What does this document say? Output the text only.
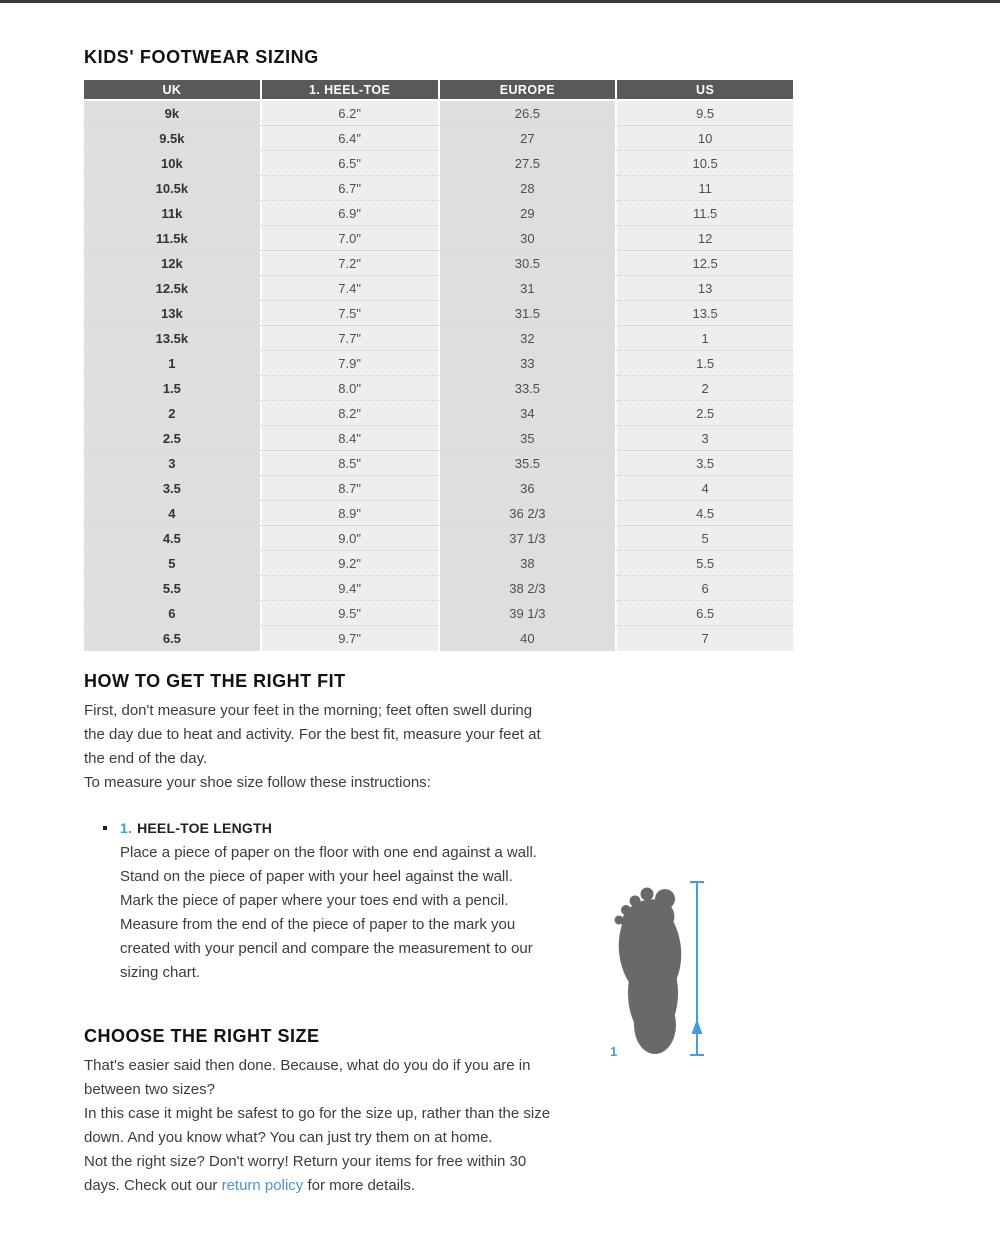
KIDS' FOOTWEAR SIZING
UK	1. HEEL-TOE	EUROPE	US
9k	6.2"	26.5	9.5
9.5k	6.4"	27	10
10k	6.5"	27.5	10.5
10.5k	6.7"	28	11
11k	6.9"	29	11.5
11.5k	7.0"	30	12
12k	7.2"	30.5	12.5
12.5k	7.4"	31	13
13k	7.5"	31.5	13.5
13.5k	7.7"	32	1
1	7.9"	33	1.5
1.5	8.0"	33.5	2
2	8.2"	34	2.5
2.5	8.4"	35	3
3	8.5"	35.5	3.5
3.5	8.7"	36	4
4	8.9"	36 2/3	4.5
4.5	9.0"	37 1/3	5
5	9.2"	38	5.5
5.5	9.4"	38 2/3	6
6	9.5"	39 1/3	6.5
6.5	9.7"	40	7
HOW TO GET THE RIGHT FIT
First, don't measure your feet in the morning; feet often swell during
the day due to heat and activity. For the best fit, measure your feet at
the end of the day.
To measure your shoe size follow these instructions:
1. HEEL-TOE LENGTH
Place a piece of paper on the floor with one end against a wall.
Stand on the piece of paper with your heel against the wall.
Mark the piece of paper where your toes end with a pencil.
Measure from the end of the piece of paper to the mark you
created with your pencil and compare the measurement to our
sizing chart.
1
CHOOSE THE RIGHT SIZE
That's easier said then done. Because, what do you do if you are in
between two sizes?
In this case it might be safest to go for the size up, rather than the size
down. And you know what? You can just try them on at home.
Not the right size? Don't worry! Return your items for free within 30
days. Check out our return policy for more details.
